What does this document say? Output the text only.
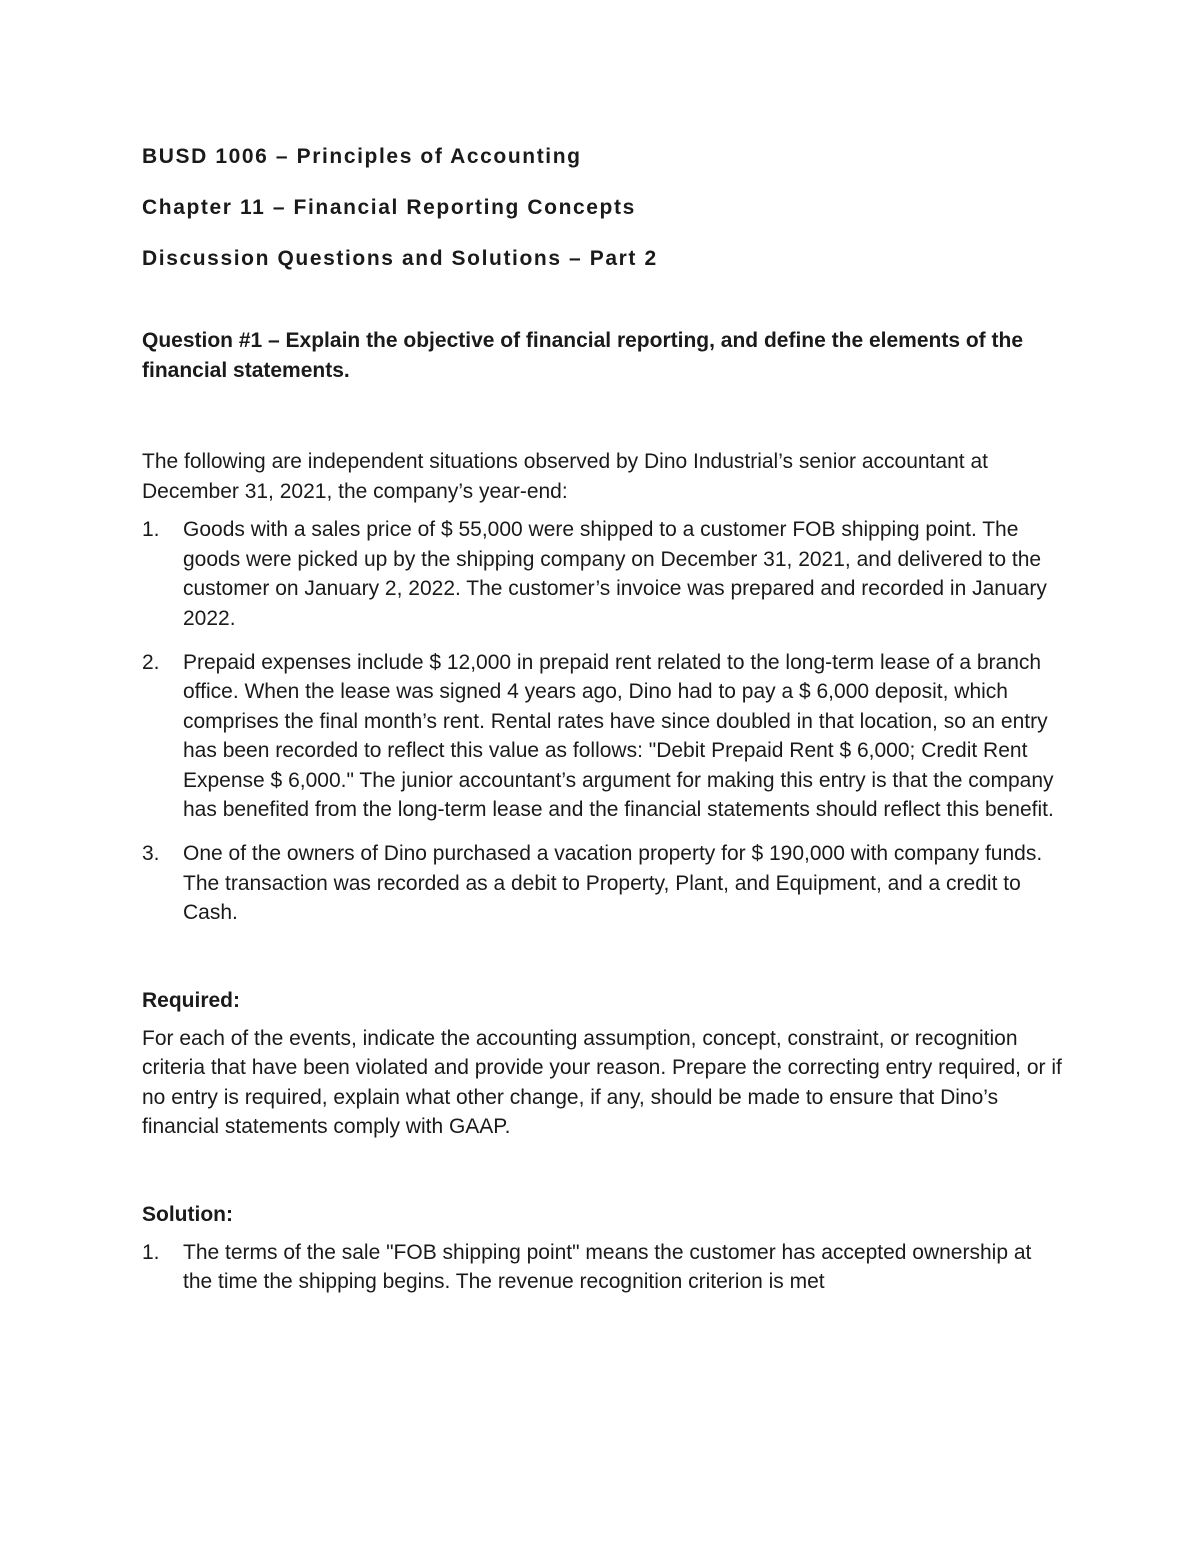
BUSD 1006 – Principles of Accounting

Chapter 11 – Financial Reporting Concepts

Discussion Questions and Solutions – Part 2

Question #1 – Explain the objective of financial reporting, and define the elements of the financial statements.

The following are independent situations observed by Dino Industrial’s senior accountant at December 31, 2021, the company’s year-end:

1. Goods with a sales price of $ 55,000 were shipped to a customer FOB shipping point. The goods were picked up by the shipping company on December 31, 2021, and delivered to the customer on January 2, 2022. The customer’s invoice was prepared and recorded in January 2022.
2. Prepaid expenses include $ 12,000 in prepaid rent related to the long-term lease of a branch office. When the lease was signed 4 years ago, Dino had to pay a $ 6,000 deposit, which comprises the final month’s rent. Rental rates have since doubled in that location, so an entry has been recorded to reflect this value as follows: "Debit Prepaid Rent $ 6,000; Credit Rent Expense $ 6,000." The junior accountant’s argument for making this entry is that the company has benefited from the long-term lease and the financial statements should reflect this benefit.
3. One of the owners of Dino purchased a vacation property for $ 190,000 with company funds. The transaction was recorded as a debit to Property, Plant, and Equipment, and a credit to Cash.

Required:

For each of the events, indicate the accounting assumption, concept, constraint, or recognition criteria that have been violated and provide your reason. Prepare the correcting entry required, or if no entry is required, explain what other change, if any, should be made to ensure that Dino’s financial statements comply with GAAP.

Solution:

1. The terms of the sale "FOB shipping point" means the customer has accepted ownership at the time the shipping begins. The revenue recognition criterion is met
